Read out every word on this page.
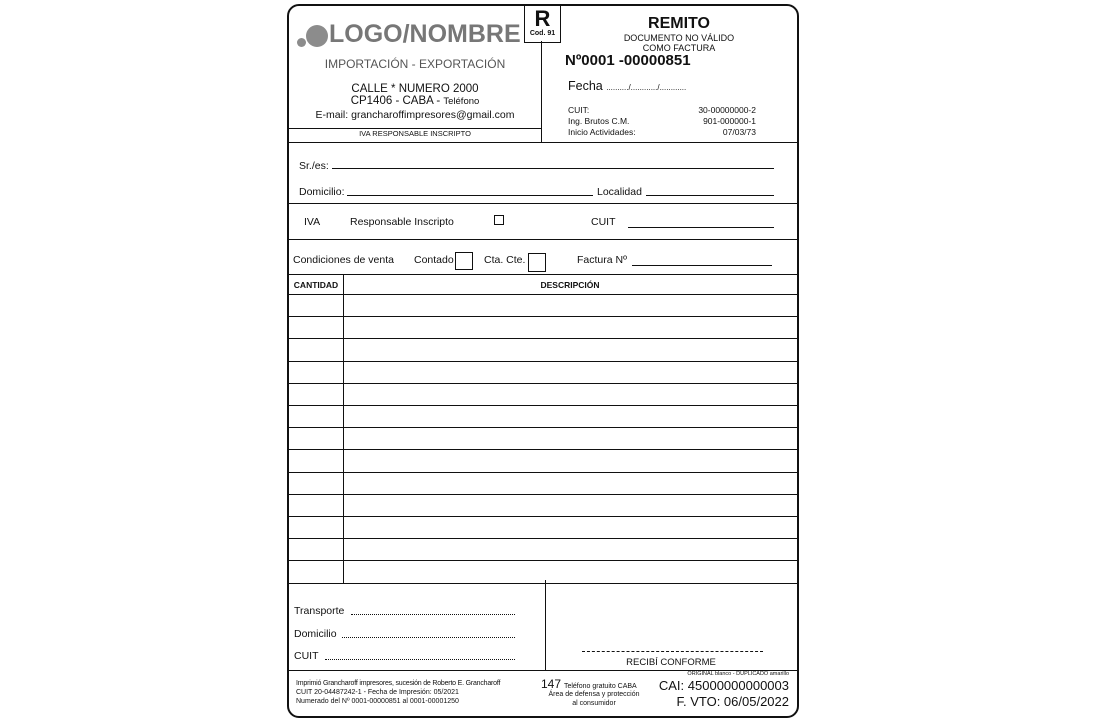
LOGO/NOMBRE
IMPORTACIÓN - EXPORTACIÓN
CALLE * NUMERO 2000
CP1406 - CABA - Teléfono
E-mail: granc​haroffimpresores@gmail.com
IVA RESPONSABLE INSCRIPTO
R
Cod. 91
REMITO
DOCUMENTO NO VÁLIDO
COMO FACTURA
Nº0001 -00000851
Fecha ........../............/............
CUIT:	30-00000000-2
Ing. Brutos C.M.	901-000000-1
Inicio Actividades:	07/03/73
Sr./es:
Domicilio:	Localidad
IVA	Responsable Inscripto	CUIT
Condiciones de venta Contado	Cta. Cte.	Factura Nº
CANTIDAD	DESCRIPCIÓN
Transporte
Domicilio
CUIT
RECIBÍ CONFORME
Imprimió Grancharoff impresores, sucesión de Roberto E. Grancharoff
CUIT 20-04487242-1 - Fecha de Impresión: 05/2021
Numerado del Nº 0001-00000851 al 0001-00001250
147 Teléfono gratuito CABA
Área de defensa y protección
al consumidor
ORIGINAL blanco - DUPLICADO amarillo
CAI: 45000000000003
F. VTO: 06/05/2022
